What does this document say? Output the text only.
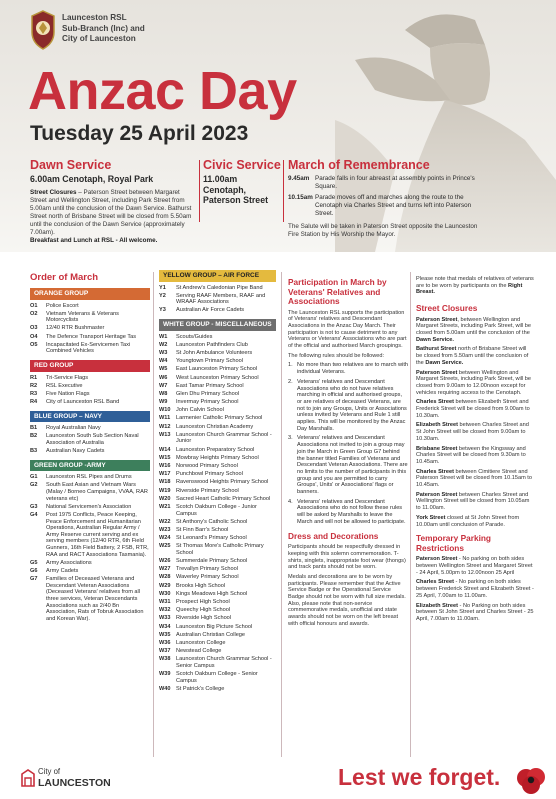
Launceston RSL
Sub-Branch (Inc) and
City of Launceston
Anzac Day
Tuesday 25 April 2023
Dawn Service
6.00am Cenotaph, Royal Park
Street Closures – Paterson Street between Margaret Street and Wellington Street, including Park Street from 5.00am until the conclusion of the Dawn Service. Bathurst Street north of Brisbane Street will be closed from 5.50am until the conclusion of the Dawn Service (approximately 7.00am).
Breakfast and Lunch at RSL - All welcome.
Civic Service
11.00am Cenotaph, Paterson Street
March of Remembrance
9.45am Parade falls in four abreast at assembly points in Prince's Square.
10.15am Parade moves off and marches along the route to the Cenotaph via Charles Street and turns left into Paterson Street.
The Salute will be taken in Paterson Street opposite the Launceston Fire Station by His Worship the Mayor.
Order of March
ORANGE GROUP
O1	Police Escort
O2	Vietnam Veterans & Veterans Motorcyclists
O3	12/40 RTR Bushmaster
O4	The Defence Transport Heritage Tas
O5	Incapacitated Ex-Servicemen Taxi Combined Vehicles
RED GROUP
R1	Tri-Service Flags
R2	RSL Executive
R3	Five Nation Flags
R4	City of Launceston RSL Band
BLUE GROUP – NAVY
B1	Royal Australian Navy
B2	Launceston South Sub Section Naval Association of Australia
B3	Australian Navy Cadets
GREEN GROUP -ARMY
G1	Launceston RSL Pipes and Drums
G2	South East Asian and Vietnam Wars (Malay / Borneo Campaigns, VVAA, RAR veterans etc)
G3	National Servicemen's Association
G4	Post 1975 Conflicts, Peace Keeping, Peace Enforcement and Humanitarian Operations, Australian Regular Army / Army Reserve current serving and ex serving members (12/40 RTR, 6th Field Gunners, 16th Field Battery, 2 FSB, RTR, RAA and RACT Associations Tasmania).
G5	Army Associations
G6	Army Cadets
G7	Families of Deceased Veterans and Descendant Veteran Associations (Deceased Veterans' relatives from all three services, Veteran Descendants Associations such as 2/40 Bn Association, Rats of Tobruk Association and Korean War).
YELLOW GROUP – AIR FORCE
Y1	St Andrew's Caledonian Pipe Band
Y2	Serving RAAF Members, RAAF and WRAAF Associations
Y3	Australian Air Force Cadets
WHITE GROUP - MISCELLANEOUS
W1	Scouts/Guides
W2	Launceston Pathfinders Club
W3	St John Ambulance Volunteers
W4	Youngtown Primary School
W5	East Launceston Primary School
W6	West Launceston Primary School
W7	East Tamar Primary School
W8	Glen Dhu Primary School
W9	Invermay Primary School
W10 John Calvin School
W11	Larmenier Catholic Primary School
W12 Launceston Christian Academy
W13 Launceston Church Grammar School - Junior
W14 Launceston Preparatory School
W15 Mowbray Heights Primary School
W16 Norwood Primary School
W17 Punchbowl Primary School
W18 Ravenswood Heights Primary School
W19 Riverside Primary School
W20 Sacred Heart Catholic Primary School
W21 Scotch Oakburn College - Junior Campus
W22 St Anthony's Catholic School
W23 St Finn Barr's School
W24 St Leonard's Primary School
W25 St Thomas More's Catholic Primary School
W26 Summerdale Primary School
W27 Trevallyn Primary School
W28 Waverley Primary School
W29 Brooks High School
W30 Kings Meadows High School
W31 Prospect High School
W32 Queechy High School
W33 Riverside High School
W34 Launceston Big Picture School
W35 Australian Christian College
W36 Launceston College
W37 Newstead College
W38 Launceston Church Grammar School - Senior Campus
W39 Scotch Oakburn College - Senior Campus
W40 St Patrick's College
Participation in March by Veterans' Relatives and Associations
The Launceston RSL supports the participation of Veterans' relatives and Descendant Associations in the Anzac Day March. Their participation is not to cause detriment to any Veterans or Veterans' Associations who are part of the official and authorised March groupings.
The following rules should be followed:
1. No more than two relatives are to march with individual Veterans.
2. Veterans' relatives and Descendant Associations who do not have relatives marching in official and authorised groups, or are relatives of deceased Veterans, are not to join any Groups, Units or Associations unless invited by Veterans and Rule 1 still applies. This will be monitored by the Anzac Day Marshalls.
3. Veterans' relatives and Descendant Associations not invited to join a group may join the March in Green Group G7 behind the banner titled Families of Veterans and Descendant Veteran Associations. There are no limits to the number of participants in this group and you are permitted to carry Groups', Units' or Associations' flags or banners.
4. Veterans' relatives and Descendant Associations who do not follow these rules will be asked by Marshalls to leave the March and will not be allowed to participate.
Dress and Decorations
Participants should be respectfully dressed in keeping with this solemn commemoration. T-shirts, singlets, inappropriate foot wear (thongs) and track pants should not be worn.
Medals and decorations are to be worn by participants. Please remember that the Active Service Badge or the Operational Service Badge should not be worn with full size medals. Also, please note that non-service commemorative medals, unofficial and state awards should not be worn on the left breast with official honours and awards.
Please note that medals of relatives of veterans are to be worn by participants on the Right Breast.
Street Closures
Paterson Street, between Wellington and Margaret Streets, including Park Street, will be closed from 5.00am until the conclusion of the Dawn Service.
Bathurst Street north of Brisbane Street will be closed from 5.50am until the conclusion of the Dawn Service.
Paterson Street between Wellington and Margaret Streets, including Park Street, will be closed from 9.00am to 12.00noon except for vehicles requiring access to the Cenotaph.
Charles Street between Elizabeth Street and Frederick Street will be closed from 9.00am to 10.30am.
Elizabeth Street between Charles Street and St John Street will be closed from 9.00am to 10.30am.
Brisbane Street between the Kingsway and Charles Street will be closed from 9.30am to 10.45am.
Charles Street between Cimitiere Street and Paterson Street will be closed from 10.15am to 10.45am.
Paterson Street between Charles Street and Wellington Street will be closed from 10.05am to 11.00am.
York Street closed at St John Street from 10.00am until conclusion of Parade.
Temporary Parking Restrictions
Paterson Street - No parking on both sides between Wellington Street and Margaret Street - 24 April, 5.00pm to 12.00noon 25 April
Charles Street - No parking on both sides between Frederick Street and Elizabeth Street - 25 April, 7.00am to 11.00am.
Elizabeth Street - No Parking on both sides between St John Street and Charles Street - 25 April, 7.00am to 11.00am.
City of
LAUNCESTON	Lest we forget.
